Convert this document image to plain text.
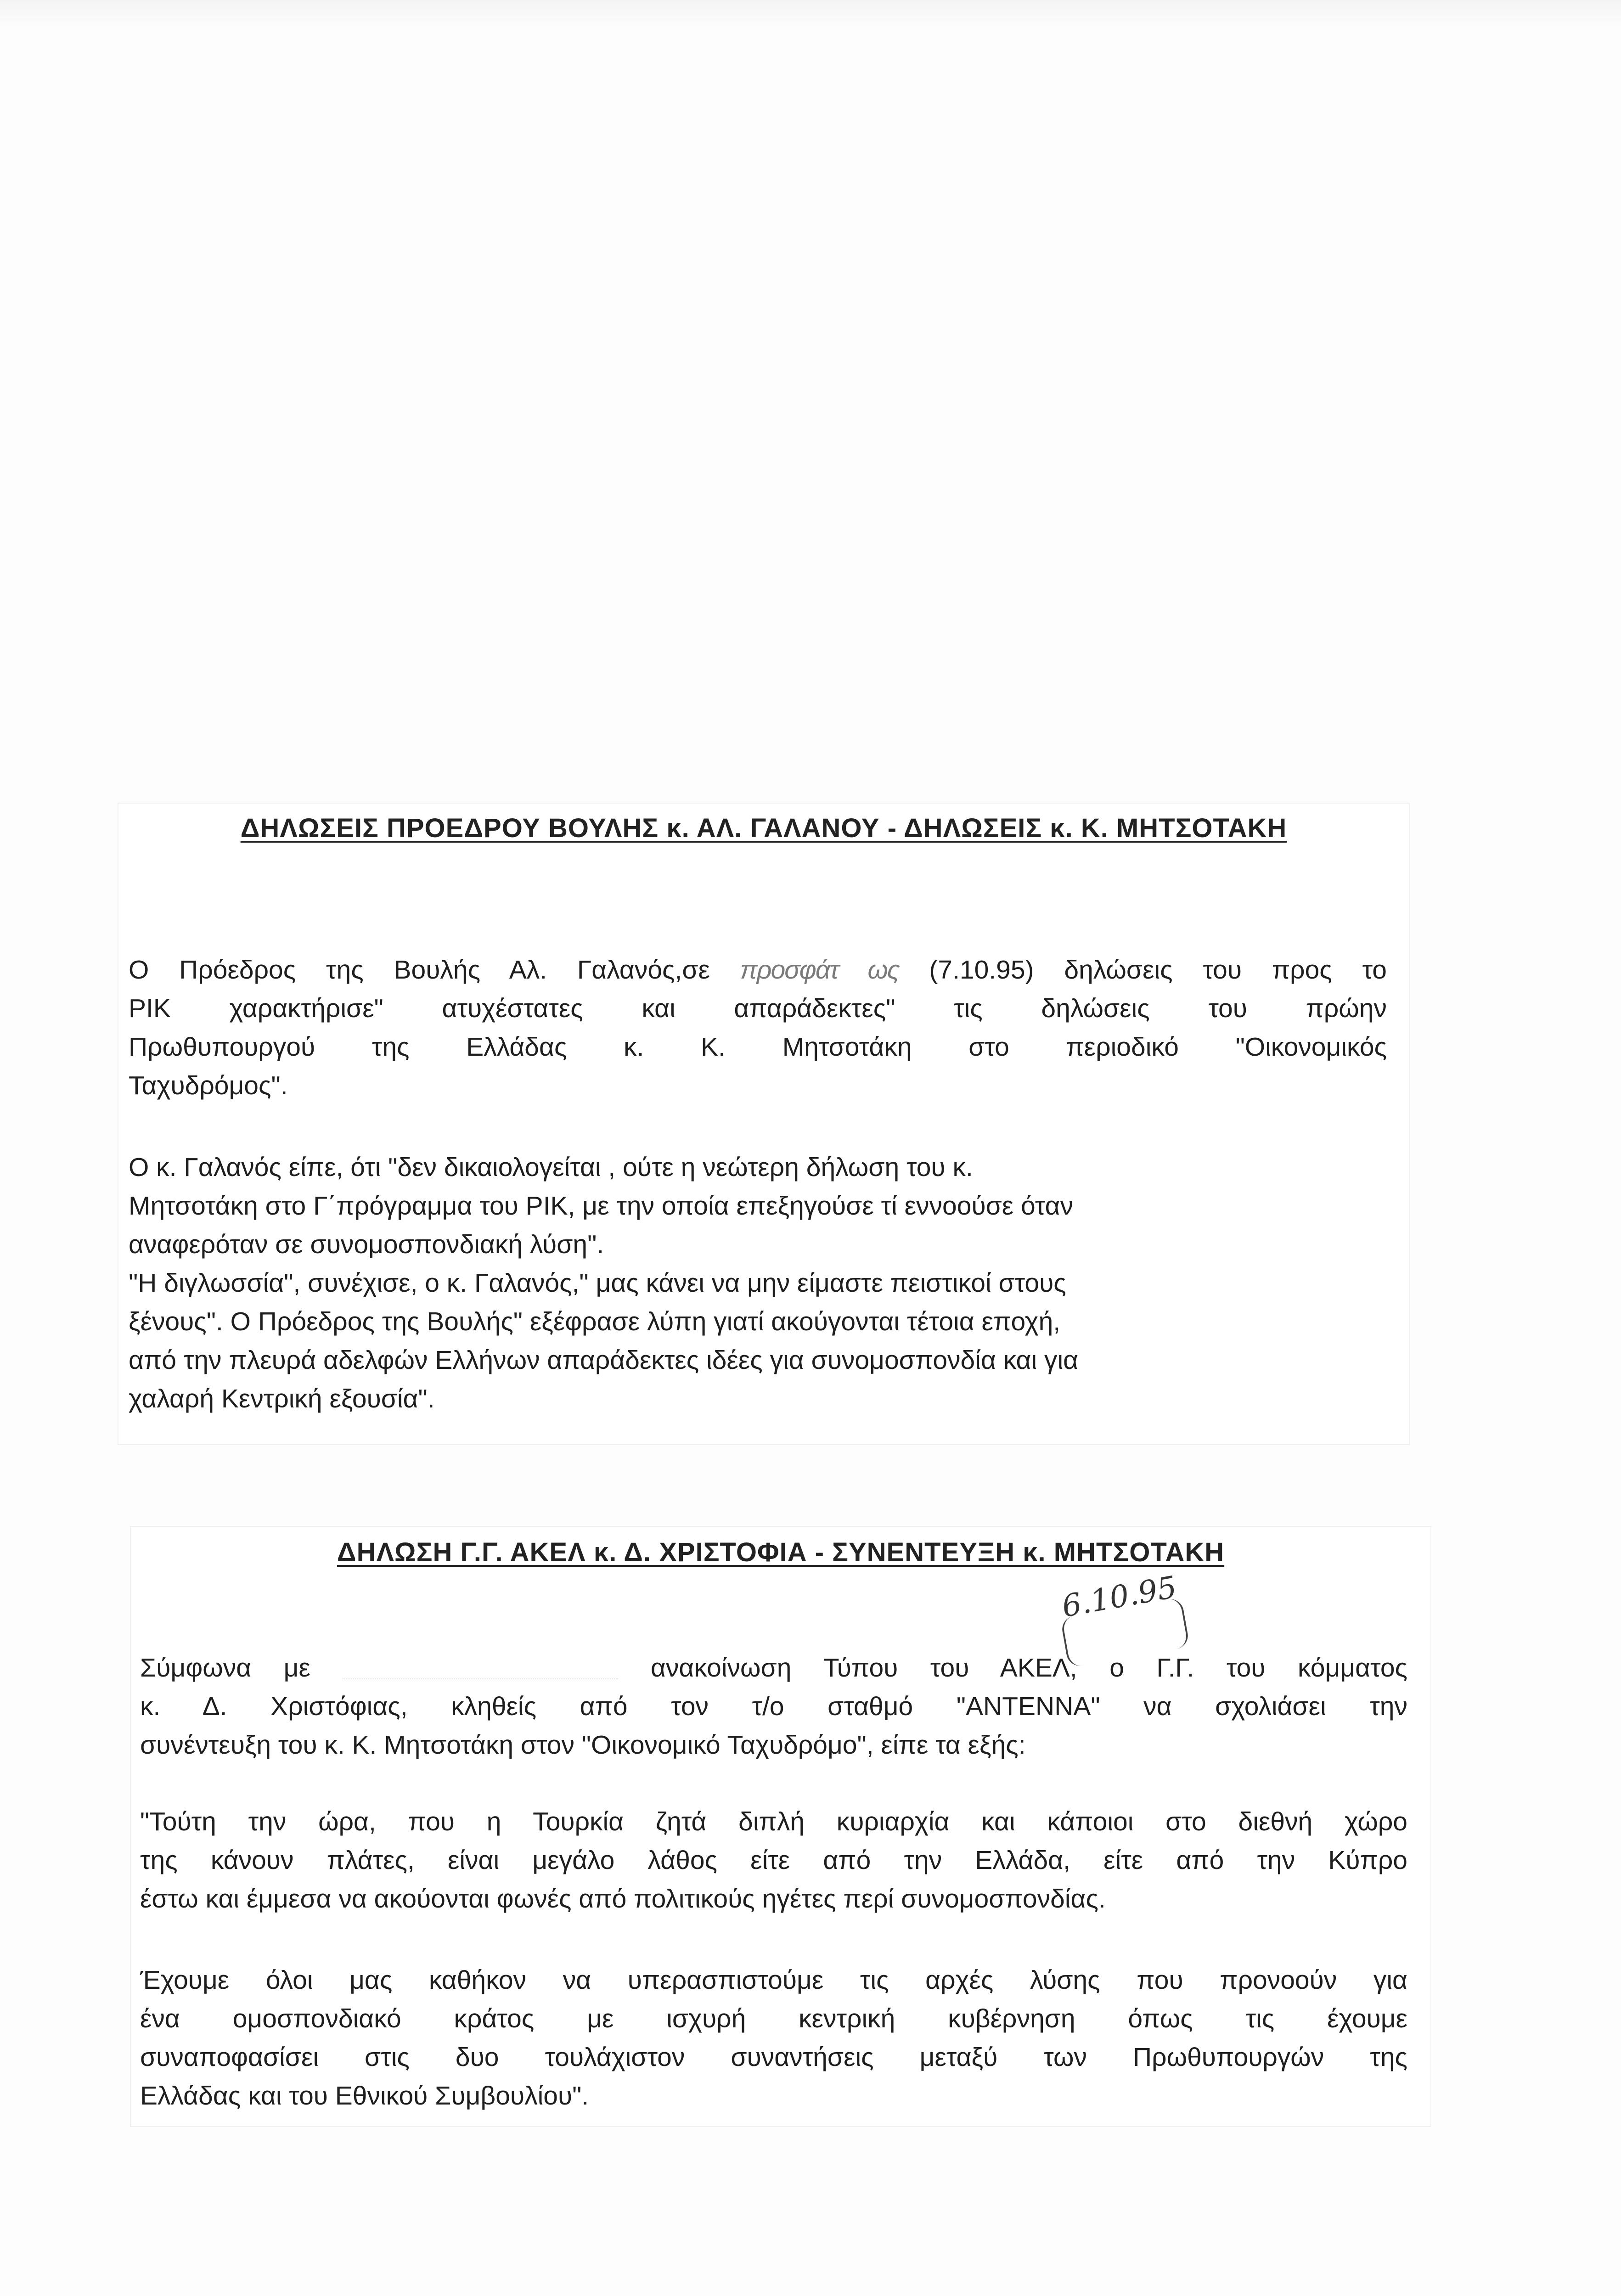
ΔΗΛΩΣΕΙΣ ΠΡΟΕΔΡΟΥ ΒΟΥΛΗΣ κ. ΑΛ. ΓΑΛΑΝΟΥ - ΔΗΛΩΣΕΙΣ κ. Κ. ΜΗΤΣΟΤΑΚΗ

Ο Πρόεδρος της Βουλής Αλ. Γαλανός,σε προσφάτ ως (7.10.95) δηλώσεις του προς το
ΡΙΚ χαρακτήρισε" ατυχέστατες και απαράδεκτες" τις δηλώσεις του πρώην
Πρωθυπουργού της Ελλάδας κ. Κ. Μητσοτάκη στο περιοδικό "Οικονομικός
Ταχυδρόμος".

Ο κ. Γαλανός είπε, ότι "δεν δικαιολογείται , ούτε η νεώτερη δήλωση του κ.
Μητσοτάκη στο Γ΄πρόγραμμα του ΡΙΚ, με την οποία επεξηγούσε τί εννοούσε όταν
αναφερόταν σε συνομοσπονδιακή λύση".
"Η διγλωσσία", συνέχισε, ο κ. Γαλανός," μας κάνει να μην είμαστε πειστικοί στους
ξένους". Ο Πρόεδρος της Βουλής" εξέφρασε λύπη γιατί ακούγονται τέτοια εποχή,
από την πλευρά αδελφών Ελλήνων απαράδεκτες ιδέες για συνομοσπονδία και για
χαλαρή Κεντρική εξουσία".

ΔΗΛΩΣΗ Γ.Γ. ΑΚΕΛ κ. Δ. ΧΡΙΣΤΟΦΙΑ - ΣΥΝΕΝΤΕΥΞΗ κ. ΜΗΤΣΟΤΑΚΗ

Σύμφωνα με	ανακοίνωση Τύπου του ΑΚΕΛ, ο Γ.Γ. του κόμματος
κ. Δ. Χριστόφιας, κληθείς από τον τ/ο σταθμό "ΑΝΤΕΝΝΑ" να σχολιάσει την
συνέντευξη του κ. Κ. Μητσοτάκη στον "Οικονομικό Ταχυδρόμο", είπε τα εξής:

"Τούτη την ώρα, που η Τουρκία ζητά διπλή κυριαρχία και κάποιοι στο διεθνή χώρο
της κάνουν πλάτες, είναι μεγάλο λάθος είτε από την Ελλάδα, είτε από την Κύπρο
έστω και έμμεσα να ακούονται φωνές από πολιτικούς ηγέτες περί συνομοσπονδίας.

Έχουμε όλοι μας καθήκον να υπερασπιστούμε τις αρχές λύσης που προνοούν για
ένα ομοσπονδιακό κράτος με ισχυρή κεντρική κυβέρνηση όπως τις έχουμε
συναποφασίσει στις δυο τουλάχιστον συναντήσεις μεταξύ των Πρωθυπουργών της
Ελλάδας και του Εθνικού Συμβουλίου".

6.10.95
